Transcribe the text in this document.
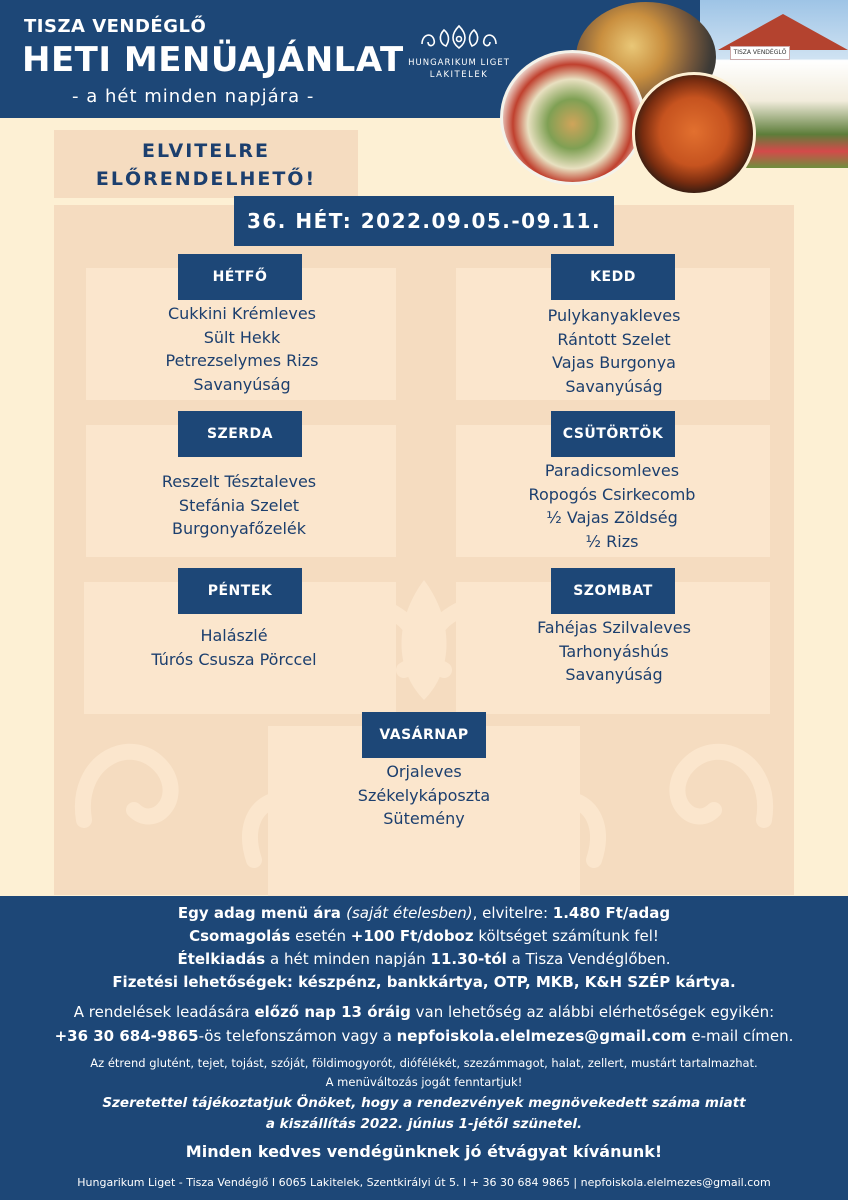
TISZA VENDÉGLŐ
HETI MENÜAJÁNLAT
- a hét minden napjára -
HUNGARIKUM LIGET
LAKITELEK
TISZA VENDÉGLŐ
ELVITELRE
ELŐRENDELHETŐ!
36. HÉT: 2022.09.05.-09.11.
HÉTFŐ
Cukkini Krémleves
Sült Hekk
Petrezselymes Rizs
Savanyúság
KEDD
Pulykanyakleves
Rántott Szelet
Vajas Burgonya
Savanyúság
SZERDA
Reszelt Tésztaleves
Stefánia Szelet
Burgonyafőzelék
CSÜTÖRTÖK
Paradicsomleves
Ropogós Csirkecomb
½ Vajas Zöldség
½ Rizs
PÉNTEK
Halászlé
Túrós Csusza Pörccel
SZOMBAT
Fahéjas Szilvaleves
Tarhonyáshús
Savanyúság
VASÁRNAP
Orjaleves
Székelykáposzta
Sütemény
Egy adag menü ára (saját ételesben), elvitelre: 1.480 Ft/adag
Csomagolás esetén +100 Ft/doboz költséget számítunk fel!
Ételkiadás a hét minden napján 11.30-tól a Tisza Vendéglőben.
Fizetési lehetőségek: készpénz, bankkártya, OTP, MKB, K&H SZÉP kártya.
A rendelések leadására előző nap 13 óráig van lehetőség az alábbi elérhetőségek egyikén:
+36 30 684-9865-ös telefonszámon vagy a nepfoiskola.elelmezes@gmail.com e-mail címen.
Az étrend glutént, tejet, tojást, szóját, földimogyorót, diófélékét, szezámmagot, halat, zellert, mustárt tartalmazhat.
A menüváltozás jogát fenntartjuk!
Szeretettel tájékoztatjuk Önöket, hogy a rendezvények megnövekedett száma miatt
a kiszállítás 2022. június 1-jétől szünetel.
Minden kedves vendégünknek jó étvágyat kívánunk!
Hungarikum Liget - Tisza Vendéglő I 6065 Lakitelek, Szentkirályi út 5. I + 36 30 684 9865 | nepfoiskola.elelmezes@gmail.com
